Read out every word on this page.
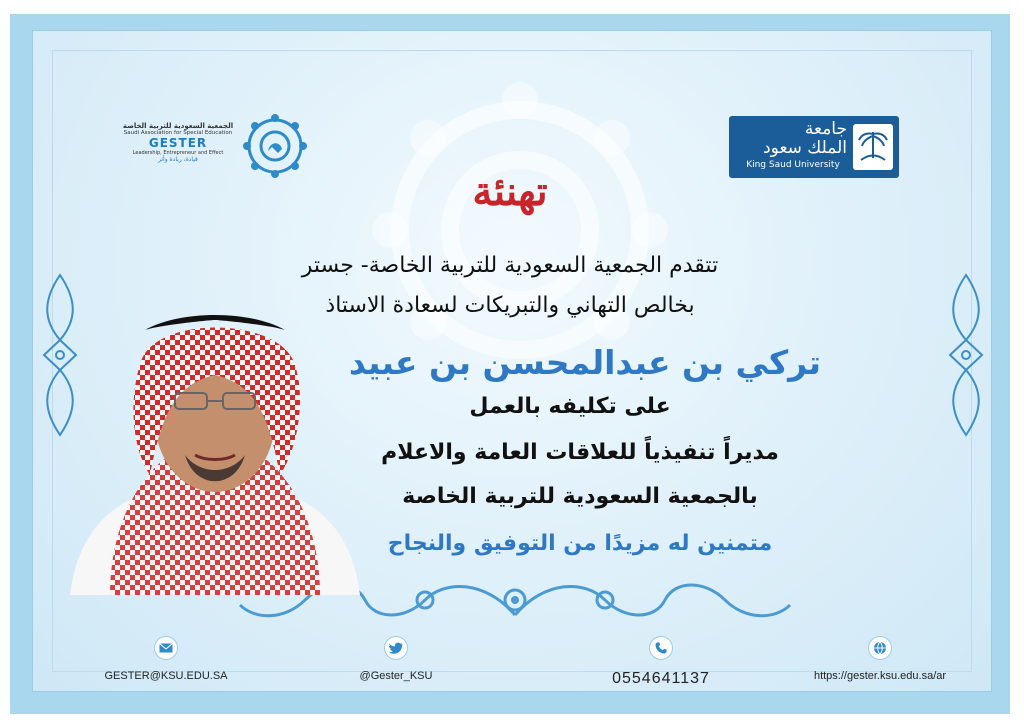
جامعة
الملك سعود
King Saud University
الجمعية السعودية للتربية الخاصة
Saudi Association for Special Education
GESTER
Leadership, Entrepreneur and Effect
قيادة، ريادة وأثر
تهنئة
تتقدم الجمعية السعودية للتربية الخاصة- جستر
بخالص التهاني والتبريكات لسعادة الاستاذ
تركي بن عبدالمحسن بن عبيد
على تكليفه بالعمل
مديراً تنفيذياً للعلاقات العامة والاعلام
بالجمعية السعودية للتربية الخاصة
متمنين له مزيدًا من التوفيق والنجاح
GESTER@KSU.EDU.SA	@Gester_KSU	0554641137	https://gester.ksu.edu.sa/ar
